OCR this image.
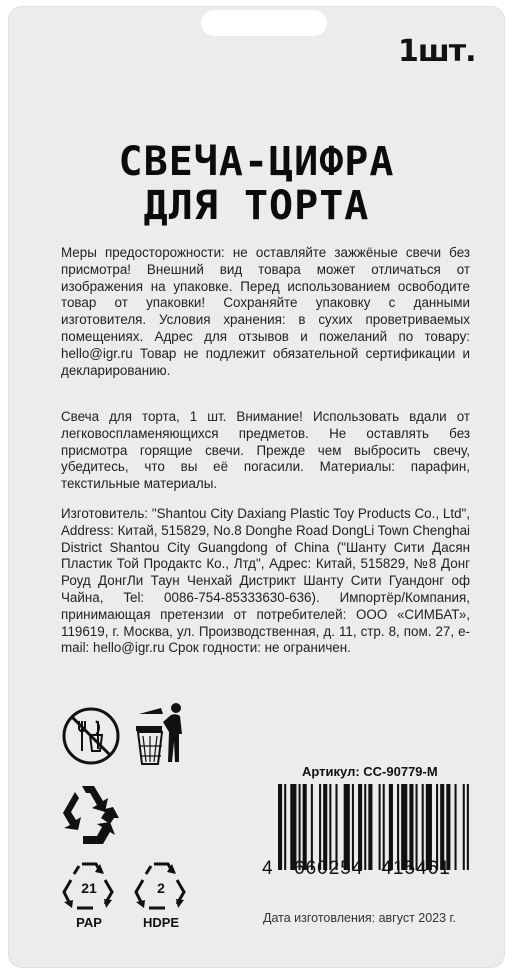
1шт.
СВЕЧА-ЦИФРА
ДЛЯ ТОРТА

Меры предосторожности: не оставляйте зажжёные свечи без присмотра! Внешний вид товара может отличаться от изображения на упаковке. Перед использованием освободите товар от упаковки! Сохраняйте упаковку с данными изготовителя. Условия хранения: в сухих проветриваемых помещениях. Адрес для отзывов и пожеланий по товару: hello@igr.ru Товар не подлежит обязательной сертификации и декларированию.

Свеча для торта, 1 шт. Внимание! Использовать вдали от легковоспламеняющихся предметов. Не оставлять без присмотра горящие свечи. Прежде чем выбросить свечу, убедитесь, что вы её погасили. Материалы: парафин, текстильные материалы.

Изготовитель: "Shantou City Daxiang Plastic Toy Products Co., Ltd", Address: Китай, 515829, No.8 Donghe Road DongLi Town Chenghai District Shantou City Guangdong of China ("Шанту Сити Дасян Пластик Той Продактс Ко., Лтд", Адрес: Китай, 515829, №8 Донг Роуд ДонгЛи Таун Ченхай Дистрикт Шанту Сити Гуандонг оф Чайна, Tel: 0086-754-85333630-636). Импортёр/Компания, принимающая претензии от потребителей: ООО «СИМБАТ», 119619, г. Москва, ул. Производственная, д. 11, стр. 8, пом. 27, e-mail: hello@igr.ru Срок годности: не ограничен.

21
PAP
2
HDPE
Артикул: СС-90779-М
4 660254 415461
Дата изготовления: август 2023 г.
